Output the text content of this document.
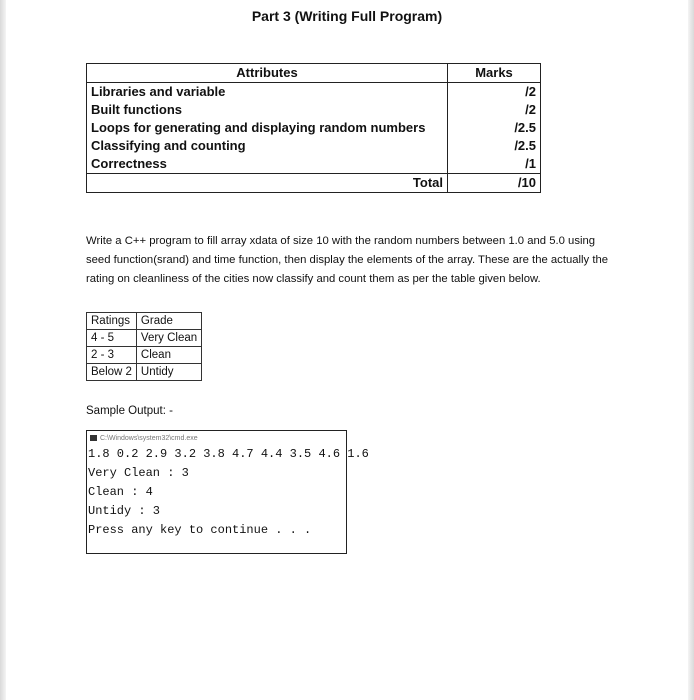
Part 3 (Writing Full Program)
Attributes	Marks
Libraries and variable	/2
Built functions	/2
Loops for generating and displaying random numbers	/2.5
Classifying and counting	/2.5
Correctness	/1
Total	/10
Write a C++ program to fill array xdata of size 10 with the random numbers between 1.0 and 5.0 using seed function(srand) and time function, then display the elements of the array. These are the actually the rating on cleanliness of the cities now classify and count them as per the table given below.
Ratings	Grade
4 - 5	Very Clean
2 - 3	Clean
Below 2	Untidy
Sample Output: -
C:\Windows\system32\cmd.exe
1.8 0.2 2.9 3.2 3.8 4.7 4.4 3.5 4.6 1.6
Very Clean : 3
Clean : 4
Untidy : 3
Press any key to continue . . .
